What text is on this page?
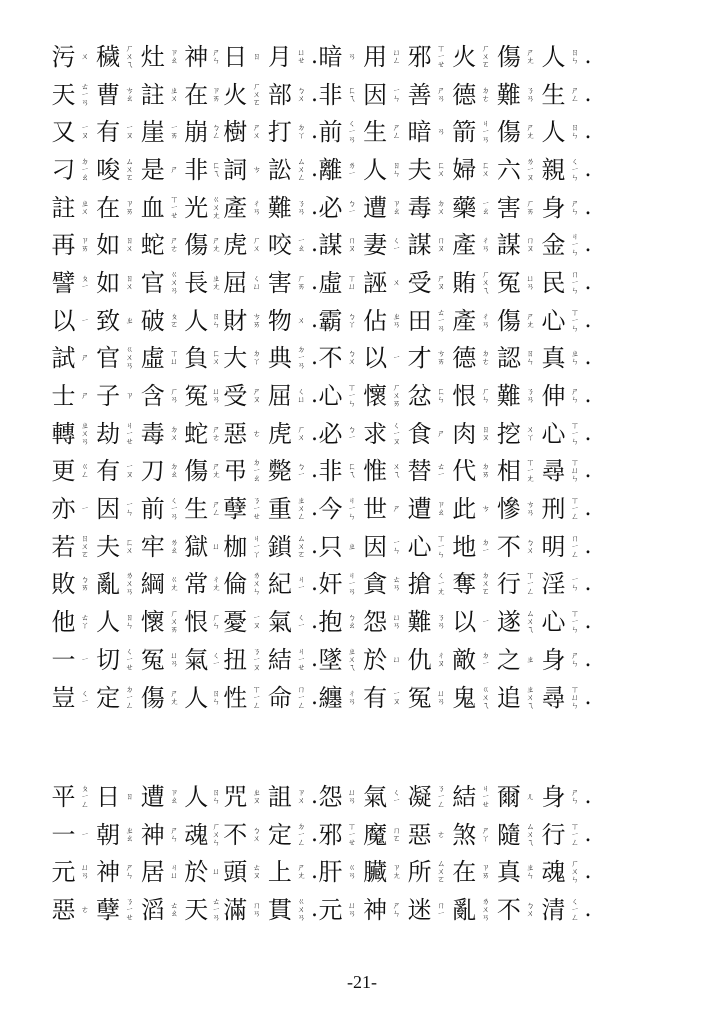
污 ㄨ 穢 ㄏ
ㄨ
ㄟ 灶 ㄗ
ㄠ 神 ㄕ
ㄣ 日 ㄖ 月 ㄩ
ㄝ . 暗 ㄢ 用 ㄩ
ㄥ 邪 ㄒ
ㄧ
ㄝ 火 ㄏ
ㄨ
ㄛ 傷 ㄕ
ㄤ 人 ㄖ
ㄣ .
天 ㄊ
ㄧ
ㄢ 曹 ㄘ
ㄠ 註 ㄓ
ㄨ 在 ㄗ
ㄞ 火 ㄏ
ㄨ
ㄛ 部 ㄅ
ㄨ . 非 ㄈ
ㄟ 因 ㄧ
ㄣ 善 ㄕ
ㄢ 德 ㄉ
ㄜ 難 ㄋ
ㄢ 生 ㄕ
ㄥ .
又 ㄧ
ㄡ 有 ㄧ
ㄡ 崖 ㄧ
ㄞ 崩 ㄅ
ㄥ 樹 ㄕ
ㄨ 打 ㄉ
ㄚ . 前 ㄑ
ㄧ
ㄢ 生 ㄕ
ㄥ 暗 ㄢ 箭 ㄐ
ㄧ
ㄢ 傷 ㄕ
ㄤ 人 ㄖ
ㄣ .
刁 ㄉ
ㄧ
ㄠ 唆 ㄙ
ㄨ
ㄛ 是 ㄕ 非 ㄈ
ㄟ 詞 ㄘ 訟 ㄙ
ㄨ
ㄥ . 離 ㄌ
ㄧ 人 ㄖ
ㄣ 夫 ㄈ
ㄨ 婦 ㄈ
ㄨ 六 ㄌ
ㄧ
ㄡ 親 ㄑ
ㄧ
ㄣ .
註 ㄓ
ㄨ 在 ㄗ
ㄞ 血 ㄒ
ㄧ
ㄝ 光 ㄍ
ㄨ
ㄤ 產 ㄔ
ㄢ 難 ㄋ
ㄢ . 必 ㄅ
ㄧ 遭 ㄗ
ㄠ 毒 ㄉ
ㄨ 藥 ㄧ
ㄠ 害 ㄏ
ㄞ 身 ㄕ
ㄣ .
再 ㄗ
ㄞ 如 ㄖ
ㄨ 蛇 ㄕ
ㄜ 傷 ㄕ
ㄤ 虎 ㄏ
ㄨ 咬 ㄧ
ㄠ . 謀 ㄇ
ㄡ 妻 ㄑ
ㄧ 謀 ㄇ
ㄡ 產 ㄔ
ㄢ 謀 ㄇ
ㄡ 金 ㄐ
ㄧ
ㄣ .
譬 ㄆ
ㄧ 如 ㄖ
ㄨ 官 ㄍ
ㄨ
ㄢ 長 ㄓ
ㄤ 屈 ㄑ
ㄩ 害 ㄏ
ㄞ . 虛 ㄒ
ㄩ 誣 ㄨ 受 ㄕ
ㄡ 賄 ㄏ
ㄨ
ㄟ 冤 ㄩ
ㄢ 民 ㄇ
ㄧ
ㄣ .
以 ㄧ 致 ㄓ 破 ㄆ
ㄛ 人 ㄖ
ㄣ 財 ㄘ
ㄞ 物 ㄨ . 霸 ㄅ
ㄚ 佔 ㄓ
ㄢ 田 ㄊ
ㄧ
ㄢ 產 ㄔ
ㄢ 傷 ㄕ
ㄤ 心 ㄒ
ㄧ
ㄣ .
試 ㄕ 官 ㄍ
ㄨ
ㄢ 虛 ㄒ
ㄩ 負 ㄈ
ㄨ 大 ㄉ
ㄚ 典 ㄉ
ㄧ
ㄢ . 不 ㄅ
ㄨ 以 ㄧ 才 ㄘ
ㄞ 德 ㄉ
ㄜ 認 ㄖ
ㄣ 真 ㄓ
ㄣ .
士 ㄕ 子 ㄗ 含 ㄏ
ㄢ 冤 ㄩ
ㄢ 受 ㄕ
ㄡ 屈 ㄑ
ㄩ . 心 ㄒ
ㄧ
ㄣ 懷 ㄏ
ㄨ
ㄞ 忿 ㄈ
ㄣ 恨 ㄏ
ㄣ 難 ㄋ
ㄢ 伸 ㄕ
ㄣ .
轉 ㄓ
ㄨ
ㄢ 劫 ㄐ
ㄧ
ㄝ 毒 ㄉ
ㄨ 蛇 ㄕ
ㄜ 惡 ㄜ 虎 ㄏ
ㄨ . 必 ㄅ
ㄧ 求 ㄑ
ㄧ
ㄡ 食 ㄕ 肉 ㄖ
ㄡ 挖 ㄨ
ㄚ 心 ㄒ
ㄧ
ㄣ .
更 ㄍ
ㄥ 有 ㄧ
ㄡ 刀 ㄉ
ㄠ 傷 ㄕ
ㄤ 弔 ㄉ
ㄧ
ㄠ 斃 ㄅ
ㄧ . 非 ㄈ
ㄟ 惟 ㄨ
ㄟ 替 ㄊ
ㄧ 代 ㄉ
ㄞ 相 ㄒ
ㄧ
ㄤ 尋 ㄒ
ㄩ
ㄣ .
亦 ㄧ 因 ㄧ
ㄣ 前 ㄑ
ㄧ
ㄢ 生 ㄕ
ㄥ 孽 ㄋ
ㄧ
ㄝ 重 ㄓ
ㄨ
ㄥ . 今 ㄐ
ㄧ
ㄣ 世 ㄕ 遭 ㄗ
ㄠ 此 ㄘ 慘 ㄘ
ㄢ 刑 ㄒ
ㄧ
ㄥ .
若 ㄖ
ㄨ
ㄛ 夫 ㄈ
ㄨ 牢 ㄌ
ㄠ 獄 ㄩ 枷 ㄐ
ㄧ
ㄚ 鎖 ㄙ
ㄨ
ㄛ . 只 ㄓ 因 ㄧ
ㄣ 心 ㄒ
ㄧ
ㄣ 地 ㄉ
ㄧ 不 ㄅ
ㄨ 明 ㄇ
ㄧ
ㄥ .
敗 ㄅ
ㄞ 亂 ㄌ
ㄨ
ㄢ 綱 ㄍ
ㄤ 常 ㄔ
ㄤ 倫 ㄌ
ㄨ
ㄣ 紀 ㄐ
ㄧ . 奸 ㄐ
ㄧ
ㄢ 貪 ㄊ
ㄢ 搶 ㄑ
ㄧ
ㄤ 奪 ㄉ
ㄨ
ㄛ 行 ㄒ
ㄧ
ㄥ 淫 ㄧ
ㄣ .
他 ㄊ
ㄚ 人 ㄖ
ㄣ 懷 ㄏ
ㄨ
ㄞ 恨 ㄏ
ㄣ 憂 ㄧ
ㄡ 氣 ㄑ
ㄧ . 抱 ㄅ
ㄠ 怨 ㄩ
ㄢ 難 ㄋ
ㄢ 以 ㄧ 遂 ㄙ
ㄨ
ㄟ 心 ㄒ
ㄧ
ㄣ .
一 ㄧ 切 ㄑ
ㄧ
ㄝ 冤 ㄩ
ㄢ 氣 ㄑ
ㄧ 扭 ㄋ
ㄧ
ㄡ 結 ㄐ
ㄧ
ㄝ . 墜 ㄓ
ㄨ
ㄟ 於 ㄩ 仇 ㄔ
ㄡ 敵 ㄉ
ㄧ 之 ㄓ 身 ㄕ
ㄣ .
豈 ㄑ
ㄧ 定 ㄉ
ㄧ
ㄥ 傷 ㄕ
ㄤ 人 ㄖ
ㄣ 性 ㄒ
ㄧ
ㄥ 命 ㄇ
ㄧ
ㄥ . 纏 ㄔ
ㄢ 有 ㄧ
ㄡ 冤 ㄩ
ㄢ 鬼 ㄍ
ㄨ
ㄟ 追 ㄓ
ㄨ
ㄟ 尋 ㄒ
ㄩ
ㄣ .
平 ㄆ
ㄧ
ㄥ 日 ㄖ 遭 ㄗ
ㄠ 人 ㄖ
ㄣ 咒 ㄓ
ㄡ 詛 ㄗ
ㄨ . 怨 ㄩ
ㄢ 氣 ㄑ
ㄧ 凝 ㄋ
ㄧ
ㄥ 結 ㄐ
ㄧ
ㄝ 爾 ㄦ 身 ㄕ
ㄣ .
一 ㄧ 朝 ㄓ
ㄠ 神 ㄕ
ㄣ 魂 ㄏ
ㄨ
ㄣ 不 ㄅ
ㄨ 定 ㄉ
ㄧ
ㄥ . 邪 ㄒ
ㄧ
ㄝ 魔 ㄇ
ㄛ 惡 ㄜ 煞 ㄕ
ㄚ 隨 ㄙ
ㄨ
ㄟ 行 ㄒ
ㄧ
ㄥ .
元 ㄩ
ㄢ 神 ㄕ
ㄣ 居 ㄐ
ㄩ 於 ㄩ 頭 ㄊ
ㄡ 上 ㄕ
ㄤ . 肝 ㄍ
ㄢ 臟 ㄗ
ㄤ 所 ㄙ
ㄨ
ㄛ 在 ㄗ
ㄞ 真 ㄓ
ㄣ 魂 ㄏ
ㄨ
ㄣ .
惡 ㄜ 孽 ㄋ
ㄧ
ㄝ 滔 ㄊ
ㄠ 天 ㄊ
ㄧ
ㄢ 滿 ㄇ
ㄢ 貫 ㄍ
ㄨ
ㄢ . 元 ㄩ
ㄢ 神 ㄕ
ㄣ 迷 ㄇ
ㄧ 亂 ㄌ
ㄨ
ㄢ 不 ㄅ
ㄨ 清 ㄑ
ㄧ
ㄥ .
-21-
